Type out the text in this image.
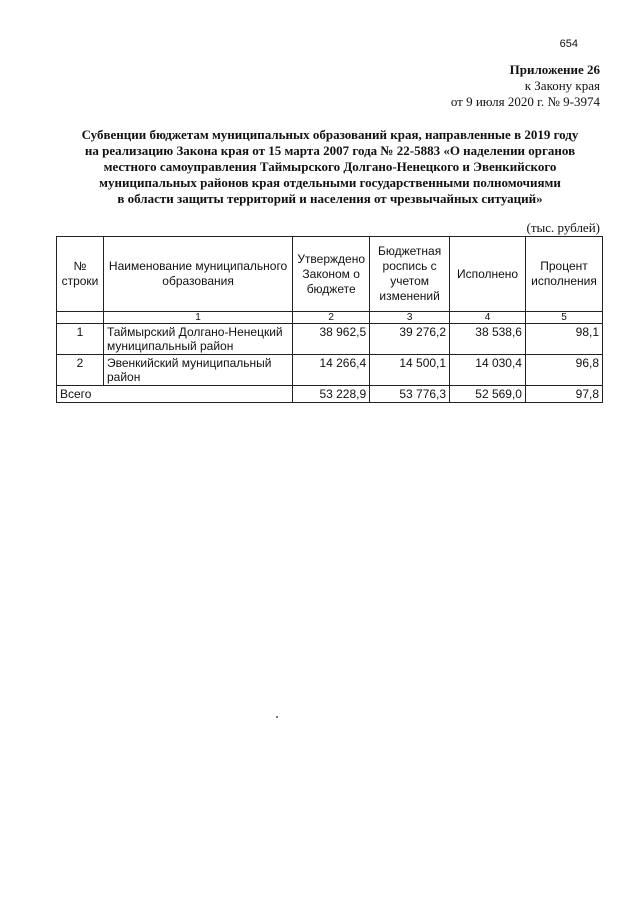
654
Приложение 26
к Закону края
от 9 июля 2020 г. № 9-3974
Субвенции бюджетам муниципальных образований края, направленные в 2019 году
на реализацию Закона края от 15 марта 2007 года № 22-5883 «О наделении органов
местного самоуправления Таймырского Долгано-Ненецкого и Эвенкийского
муниципальных районов края отдельными государственными полномочиями
в области защиты территорий и населения от чрезвычайных ситуаций»
(тыс. рублей)
№ строки	Наименование муниципального образования	Утверждено Законом о бюджете	Бюджетная роспись с учетом изменений	Исполнено	Процент исполнения
	1	2	3	4	5
1	Таймырский Долгано-Ненецкий муниципальный район	38 962,5	39 276,2	38 538,6	98,1
2	Эвенкийский муниципальный район	14 266,4	14 500,1	14 030,4	96,8
Всего		53 228,9	53 776,3	52 569,0	97,8
